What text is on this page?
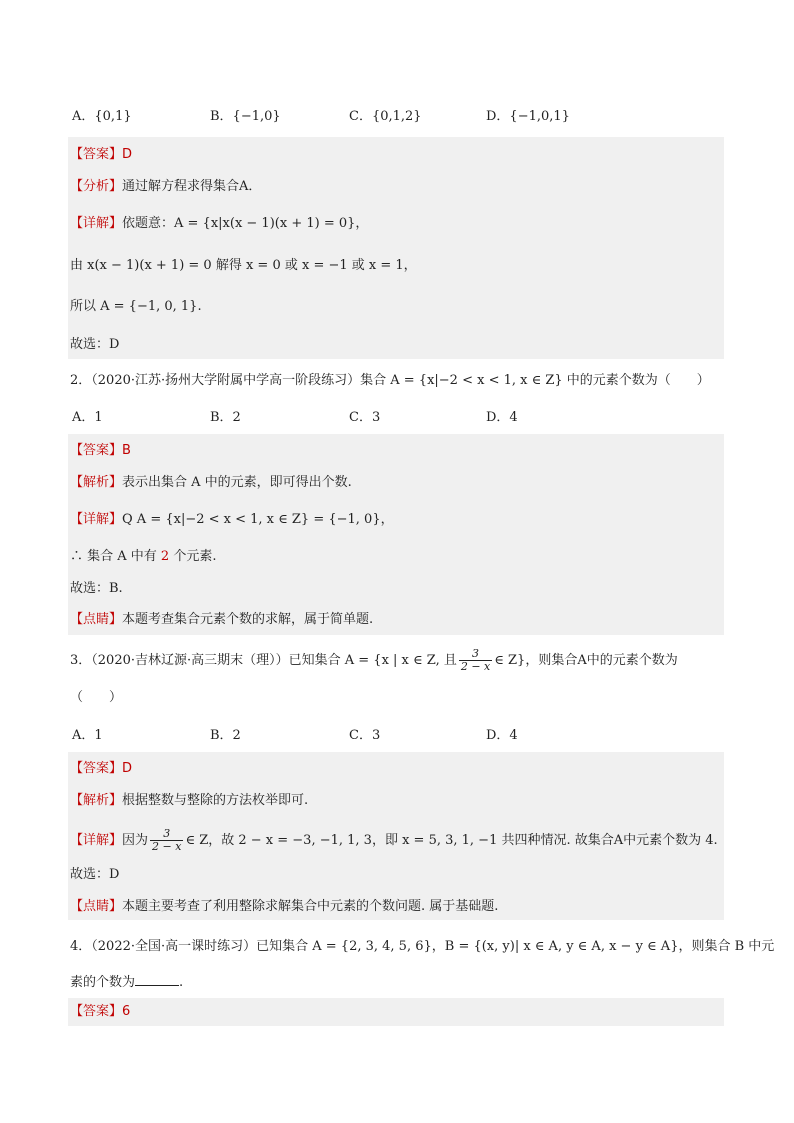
A．{0,1}	B．{−1,0}	C．{0,1,2}	D．{−1,0,1}
【答案】D
【分析】通过解方程求得集合A．
【详解】依题意：A = {x|x(x − 1)(x + 1) = 0}，
由 x(x − 1)(x + 1) = 0 解得 x = 0 或 x = −1 或 x = 1，
所以 A = {−1, 0, 1}.
故选：D
2．（2020·江苏·扬州大学附属中学高一阶段练习）集合 A = {x|−2 < x < 1, x ∈ Z} 中的元素个数为（　　）
A．1	B．2	C．3	D．4
【答案】B
【解析】表示出集合 A 中的元素，即可得出个数.
【详解】Q A = {x|−2 < x < 1, x ∈ Z} = {−1, 0}，
∴ 集合 A 中有 2 个元素.
故选：B.
【点睛】本题考查集合元素个数的求解，属于简单题.
3．（2020·吉林辽源·高三期末（理））已知集合 A = {x | x ∈ Z, 且 $\frac{3}{2 - x}$ ∈ Z}，则集合A中的元素个数为
（　　）
A．1	B．2	C．3	D．4
【答案】D
【解析】根据整数与整除的方法枚举即可.
【详解】因为 $\frac{3}{2 - x}$ ∈ Z，故 2 − x = −3, −1, 1, 3，即 x = 5, 3, 1, −1 共四种情况. 故集合A中元素个数为 4.
故选：D
【点睛】本题主要考查了利用整除求解集合中元素的个数问题. 属于基础题.
4．（2022·全国·高一课时练习）已知集合 A = {2, 3, 4, 5, 6}，B = {(x, y)| x ∈ A, y ∈ A, x − y ∈ A}，则集合 B 中元
素的个数为	.
【答案】6
